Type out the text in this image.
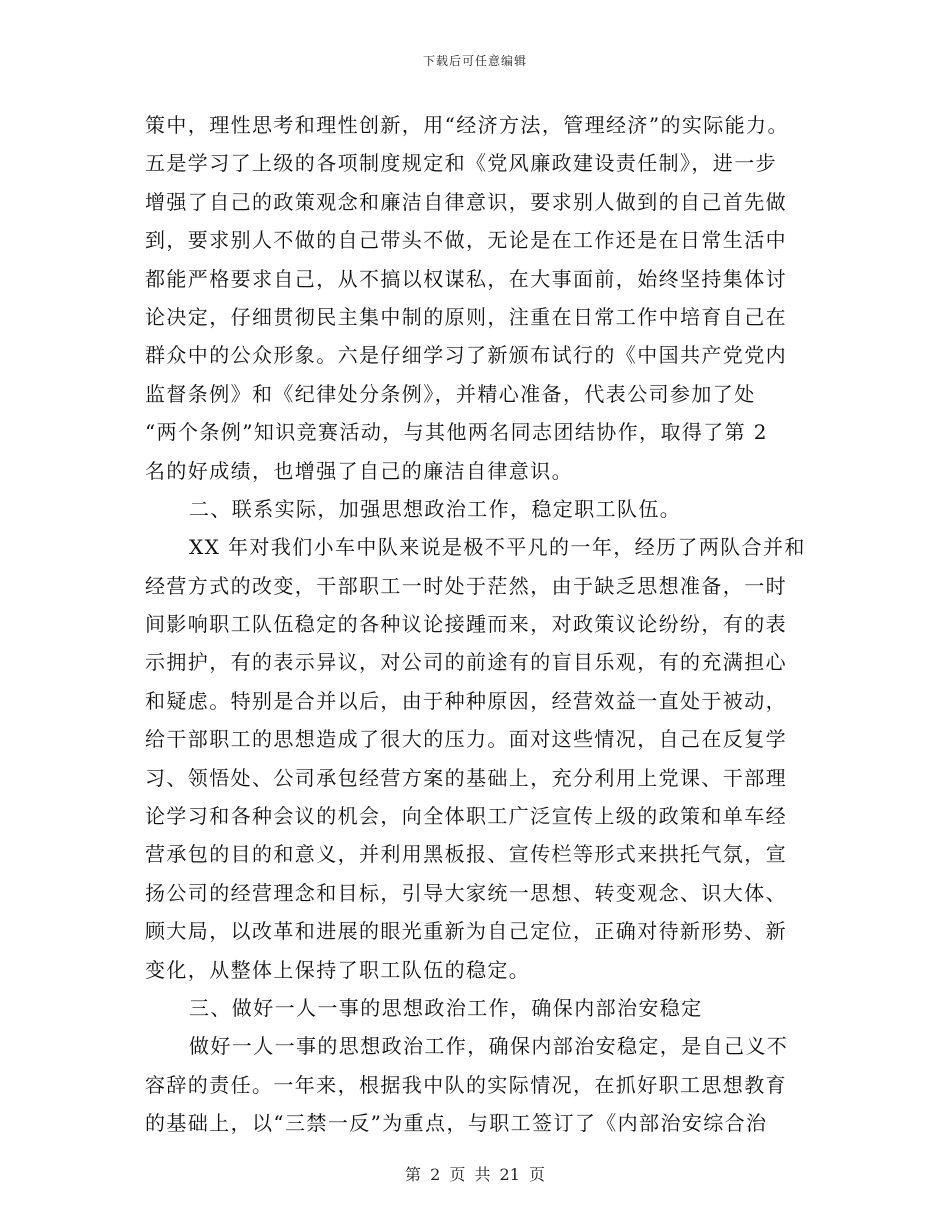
下载后可任意编辑
策中，理性思考和理性创新，用“经济方法，管理经济”的实际能力。
五是学习了上级的各项制度规定和《党风廉政建设责任制》，进一步
增强了自己的政策观念和廉洁自律意识，要求别人做到的自己首先做
到，要求别人不做的自己带头不做，无论是在工作还是在日常生活中
都能严格要求自己，从不搞以权谋私，在大事面前，始终坚持集体讨
论决定，仔细贯彻民主集中制的原则，注重在日常工作中培育自己在
群众中的公众形象。六是仔细学习了新颁布试行的《中国共产党党内
监督条例》和《纪律处分条例》，并精心准备，代表公司参加了处
“两个条例”知识竞赛活动，与其他两名同志团结协作，取得了第 2
名的好成绩，也增强了自己的廉洁自律意识。
二、联系实际，加强思想政治工作，稳定职工队伍。
XX 年对我们小车中队来说是极不平凡的一年，经历了两队合并和
经营方式的改变，干部职工一时处于茫然，由于缺乏思想准备，一时
间影响职工队伍稳定的各种议论接踵而来，对政策议论纷纷，有的表
示拥护，有的表示异议，对公司的前途有的盲目乐观，有的充满担心
和疑虑。特别是合并以后，由于种种原因，经营效益一直处于被动，
给干部职工的思想造成了很大的压力。面对这些情况，自己在反复学
习、领悟处、公司承包经营方案的基础上，充分利用上党课、干部理
论学习和各种会议的机会，向全体职工广泛宣传上级的政策和单车经
营承包的目的和意义，并利用黑板报、宣传栏等形式来拱托气氛，宣
扬公司的经营理念和目标，引导大家统一思想、转变观念、识大体、
顾大局，以改革和进展的眼光重新为自己定位，正确对待新形势、新
变化，从整体上保持了职工队伍的稳定。
三、做好一人一事的思想政治工作，确保内部治安稳定
做好一人一事的思想政治工作，确保内部治安稳定，是自己义不
容辞的责任。一年来，根据我中队的实际情况，在抓好职工思想教育
的基础上，以“三禁一反”为重点，与职工签订了《内部治安综合治
第 2 页 共 21 页
